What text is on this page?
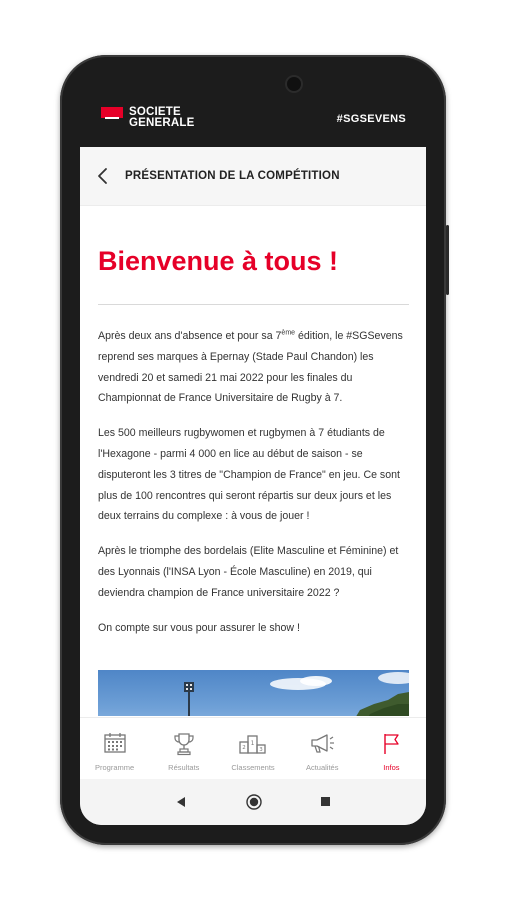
SOCIETE
GENERALE	#SGSEVENS
PRÉSENTATION DE LA COMPÉTITION
Bienvenue à tous !

Après deux ans d'absence et pour sa 7ème édition, le #SGSevens reprend ses marques à Epernay (Stade Paul Chandon) les vendredi 20 et samedi 21 mai 2022 pour les finales du Championnat de France Universitaire de Rugby à 7.

Les 500 meilleurs rugbywomen et rugbymen à 7 étudiants de l'Hexagone - parmi 4 000 en lice au début de saison - se disputeront les 3 titres de "Champion de France" en jeu. Ce sont plus de 100 rencontres qui seront répartis sur deux jours et les deux terrains du complexe : à vous de jouer !

Après le triomphe des bordelais (Elite Masculine et Féminine) et des Lyonnais (l'INSA Lyon - École Masculine) en 2019, qui deviendra champion de France universitaire 2022 ?

On compte sur vous pour assurer le show !

Programme	Résultats
1
2 3
Classements	Actualités	Infos
